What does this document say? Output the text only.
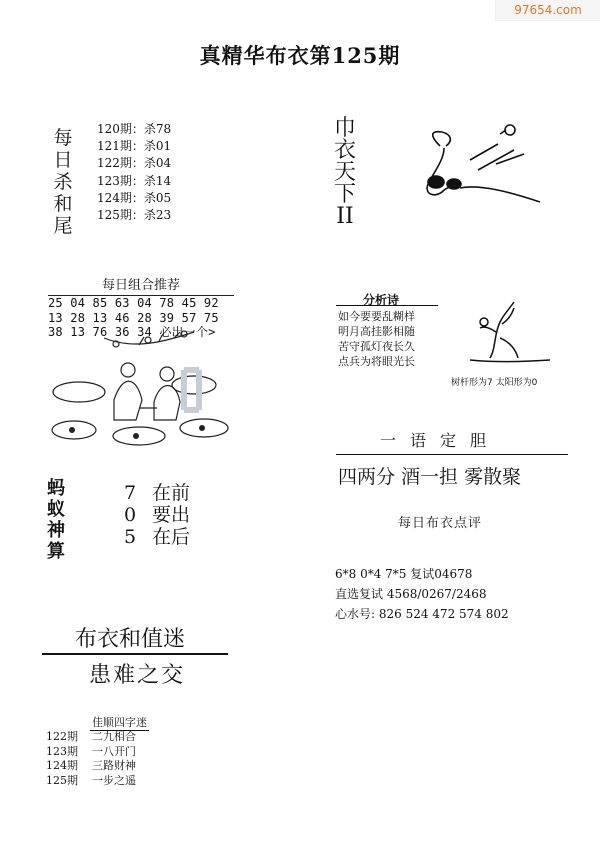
97654.com
真精华布衣第125期
每
日
杀
和
尾
120期：杀78
121期：杀01
122期：杀04
123期：杀14
124期：杀05
125期：杀23
每日组合推荐
25 04 85 63 04 78 45 92
13 28 13 46 28 39 57 75
38 13 76 36 34 必出一个>
蚂
蚁
神
算
7 在前
0 要出
5 在后
布衣和值迷
患难之交
佳顺四字迷
122期 二九相合
123期 一八开门
124期 三路财神
125期 一步之遥
巾
衣
天
下
II
分析诗
如今要要乱糊样
明月高挂影相随
苦守孤灯夜长久
点兵为将眼光长
树杆形为7 太阳形为0
一语定胆
四两分 酒一担 雾散聚
每日布衣点评
6*8 0*4 7*5 复试04678
直选复试 4568/0267/2468
心水号: 826 524 472 574 802
